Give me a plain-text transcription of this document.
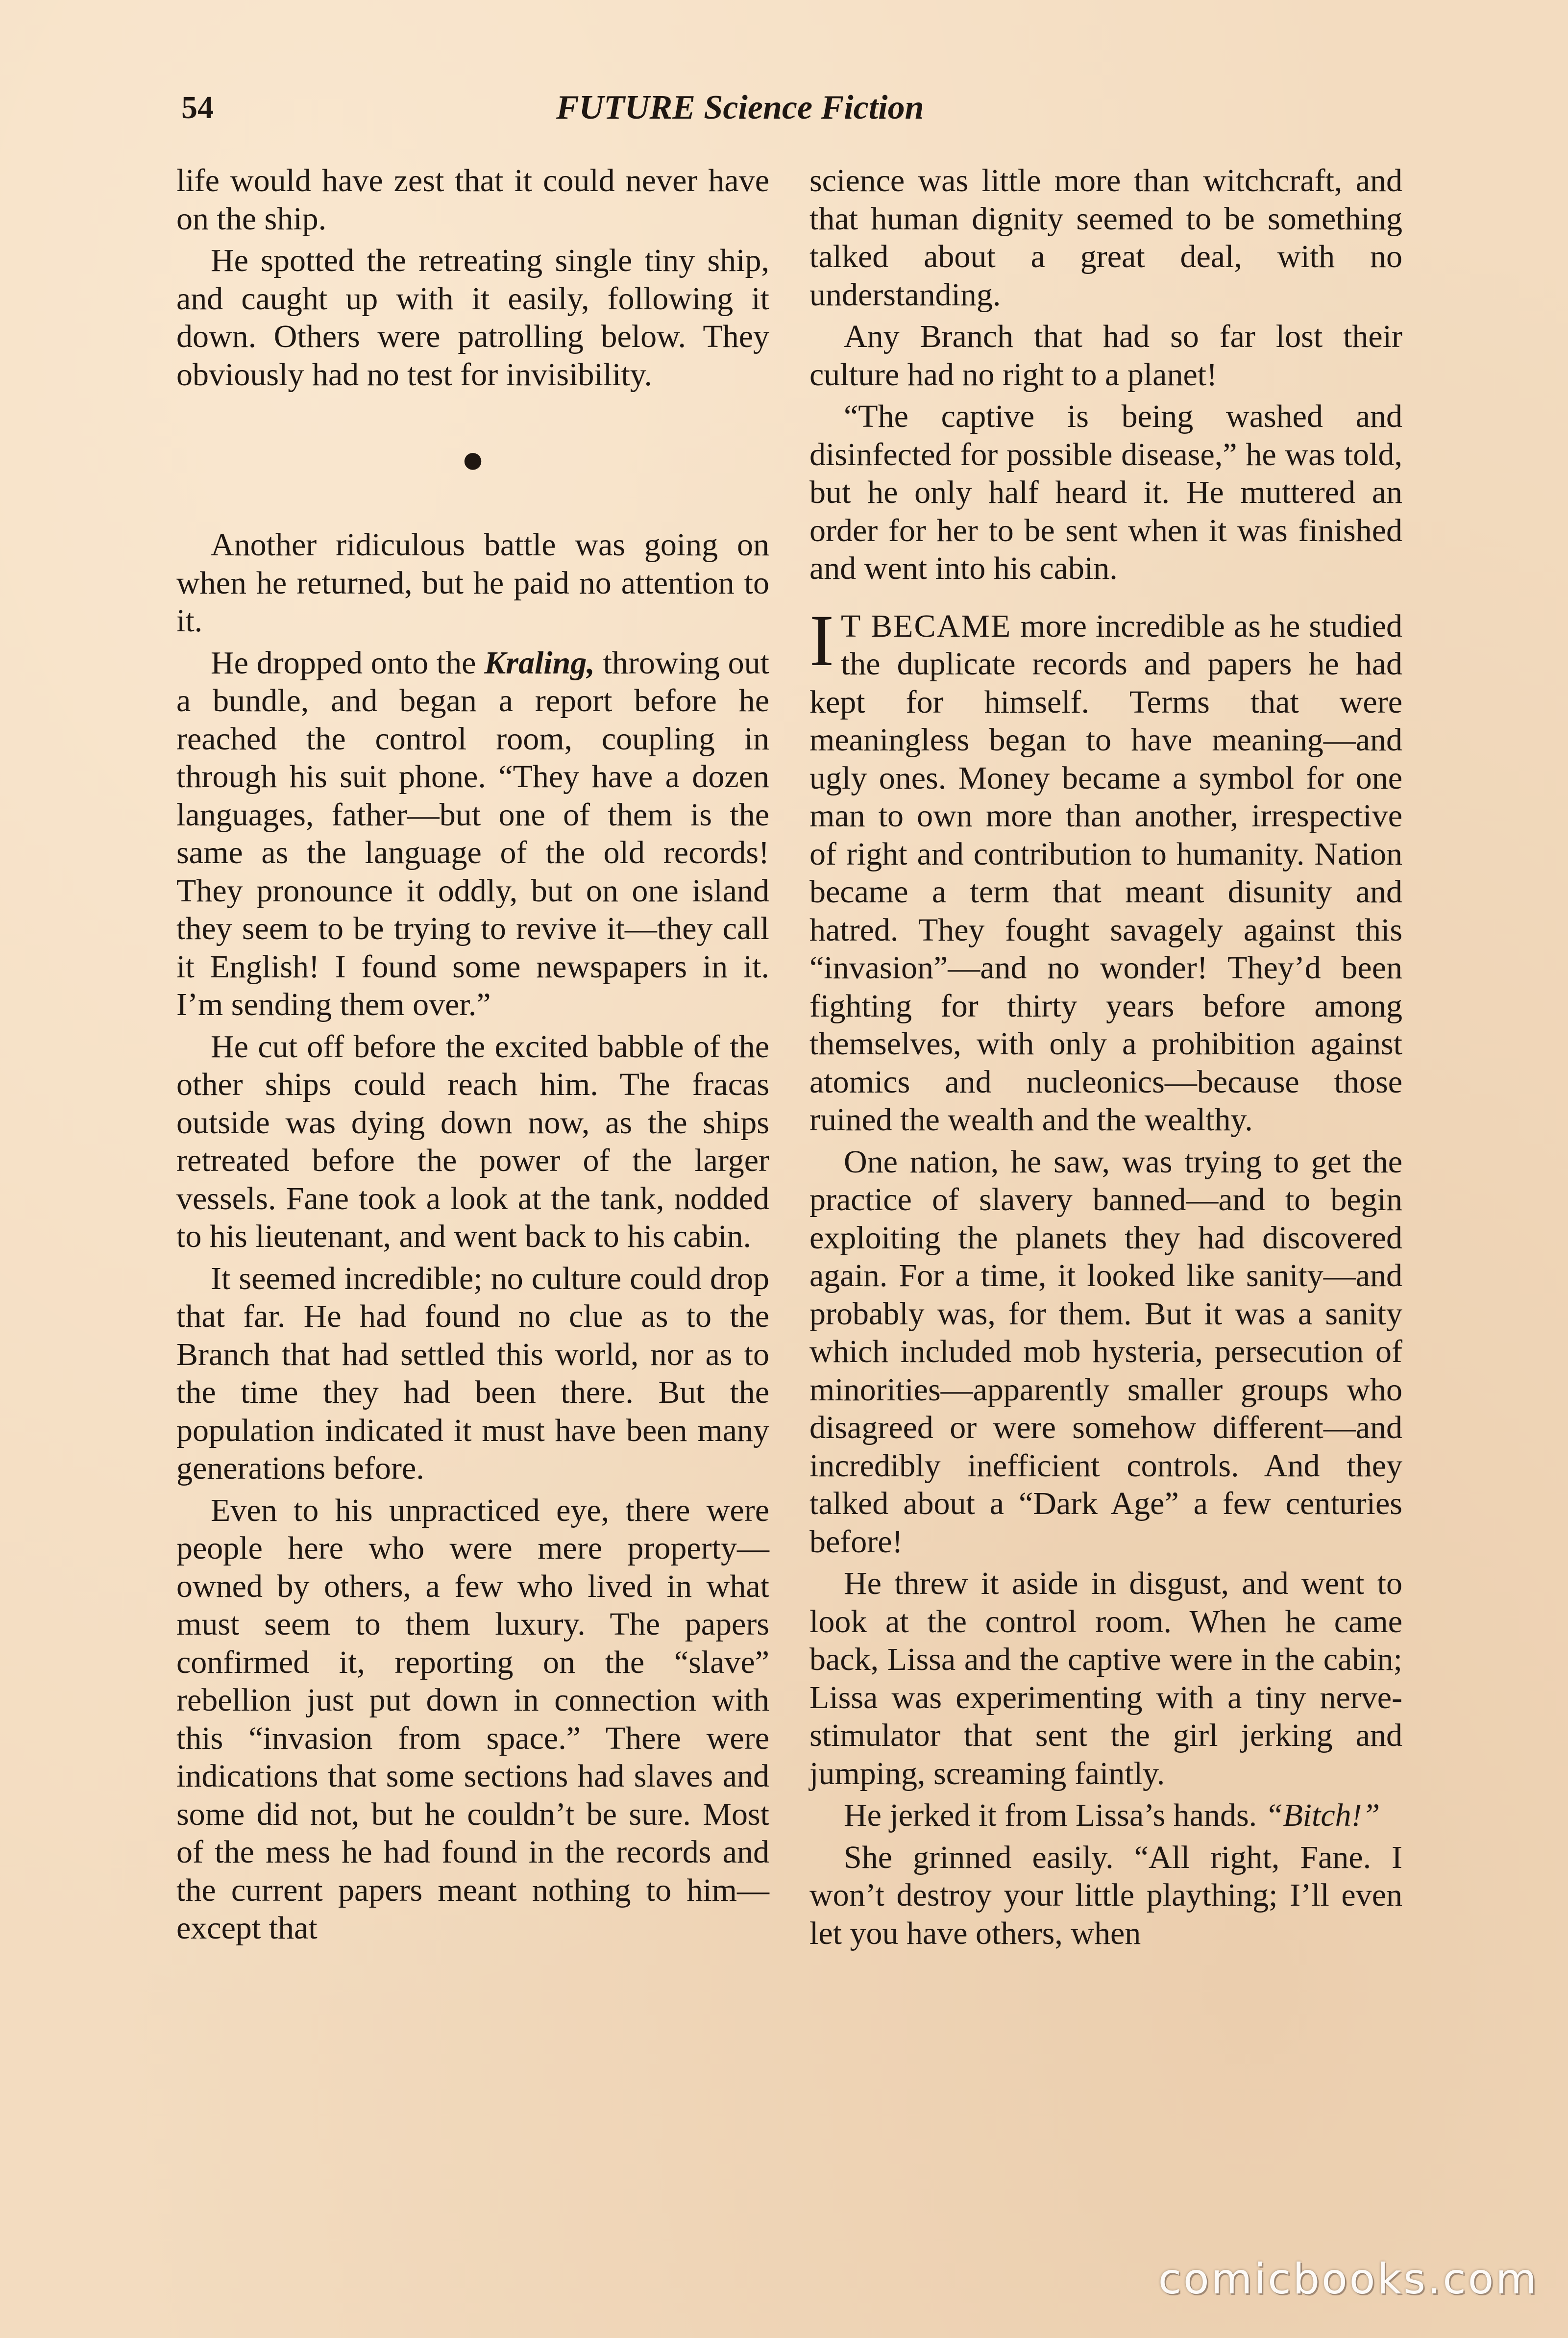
54	FUTURE Science Fiction

life would have zest that it could never have on the ship.

He spotted the retreating single tiny ship, and caught up with it easily, following it down. Others were patrolling below. They obviously had no test for invisibility.

●

Another ridiculous battle was going on when he returned, but he paid no attention to it.

He dropped onto the Kraling, throwing out a bundle, and began a report before he reached the control room, coupling in through his suit phone. “They have a dozen languages, father—but one of them is the same as the language of the old records! They pronounce it oddly, but on one island they seem to be trying to revive it—they call it English! I found some newspapers in it. I’m sending them over.”

He cut off before the excited babble of the other ships could reach him. The fracas outside was dying down now, as the ships retreated before the power of the larger vessels. Fane took a look at the tank, nodded to his lieutenant, and went back to his cabin.

It seemed incredible; no culture could drop that far. He had found no clue as to the Branch that had settled this world, nor as to the time they had been there. But the population indicated it must have been many generations before.

Even to his unpracticed eye, there were people here who were mere property—owned by others, a few who lived in what must seem to them luxury. The papers confirmed it, reporting on the “slave” rebellion just put down in connection with this “invasion from space.” There were indications that some sections had slaves and some did not, but he couldn’t be sure. Most of the mess he had found in the records and the current papers meant nothing to him—except that

science was little more than witchcraft, and that human dignity seemed to be something talked about a great deal, with no understanding.

Any Branch that had so far lost their culture had no right to a planet!

“The captive is being washed and disinfected for possible disease,” he was told, but he only half heard it. He muttered an order for her to be sent when it was finished and went into his cabin.

I T BECAME more incredible as he studied the duplicate records and papers he had kept for himself. Terms that were meaningless began to have meaning—and ugly ones. Money became a symbol for one man to own more than another, irrespective of right and contribution to humanity. Nation became a term that meant disunity and hatred. They fought savagely against this “invasion”—and no wonder! They’d been fighting for thirty years before among themselves, with only a prohibition against atomics and nucleonics—because those ruined the wealth and the wealthy.

One nation, he saw, was trying to get the practice of slavery banned—and to begin exploiting the planets they had discovered again. For a time, it looked like sanity—and probably was, for them. But it was a sanity which included mob hysteria, persecution of minorities—apparently smaller groups who disagreed or were somehow different—and incredibly inefficient controls. And they talked about a “Dark Age” a few centuries before!

He threw it aside in disgust, and went to look at the control room. When he came back, Lissa and the captive were in the cabin; Lissa was experimenting with a tiny nerve-stimulator that sent the girl jerking and jumping, screaming faintly.

He jerked it from Lissa’s hands. “Bitch!”

She grinned easily. “All right, Fane. I won’t destroy your little plaything; I’ll even let you have others, when

comicbooks.com
